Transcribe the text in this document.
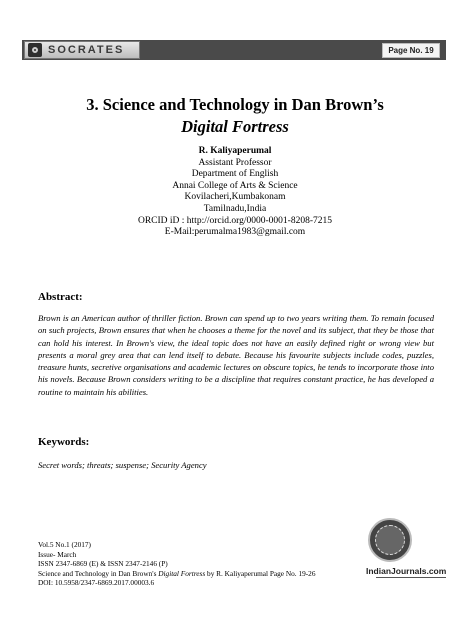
SOCRATES	Page No. 19
3. Science and Technology in Dan Brown’s
Digital Fortress
R. Kaliyaperumal
Assistant Professor
Department of English
Annai College of Arts & Science
Kovilacheri,Kumbakonam
Tamilnadu,India
ORCID iD : http://orcid.org/0000-0001-8208-7215
E-Mail:perumalma1983@gmail.com
Abstract:
Brown is an American author of thriller fiction. Brown can spend up to two years writing them. To remain focused on such projects, Brown ensures that when he chooses a theme for the novel and its subject, that they be those that can hold his interest. In Brown's view, the ideal topic does not have an easily defined right or wrong view but presents a moral grey area that can lend itself to debate. Because his favourite subjects include codes, puzzles, treasure hunts, secretive organisations and academic lectures on obscure topics, he tends to incorporate those into his novels. Because Brown considers writing to be a discipline that requires constant practice, he has developed a routine to maintain his abilities.
Keywords:
Secret words; threats; suspense; Security Agency
Vol.5 No.1 (2017)
Issue- March
ISSN 2347-6869 (E) & ISSN 2347-2146 (P)
Science and Technology in Dan Brown's Digital Fortress by R. Kaliyaperumal Page No. 19-26
DOI: 10.5958/2347-6869.2017.00003.6
IndianJournals.com
